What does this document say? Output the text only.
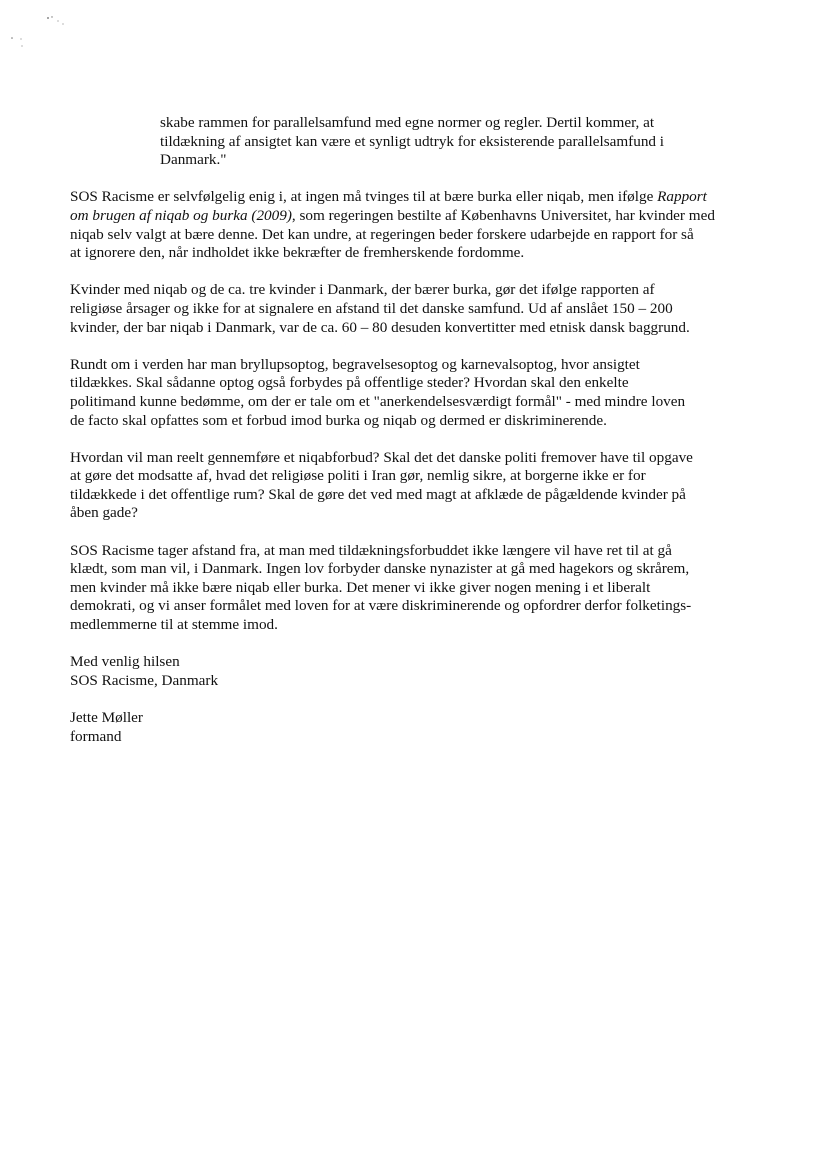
skabe rammen for parallelsamfund med egne normer og regler. Dertil kommer, at
tildækning af ansigtet kan være et synligt udtryk for eksisterende parallelsamfund i
Danmark."
SOS Racisme er selvfølgelig enig i, at ingen må tvinges til at bære burka eller niqab, men ifølge Rapport
om brugen af niqab og burka (2009), som regeringen bestilte af Københavns Universitet, har kvinder med
niqab selv valgt at bære denne. Det kan undre, at regeringen beder forskere udarbejde en rapport for så
at ignorere den, når indholdet ikke bekræfter de fremherskende fordomme.
Kvinder med niqab og de ca. tre kvinder i Danmark, der bærer burka, gør det ifølge rapporten af
religiøse årsager og ikke for at signalere en afstand til det danske samfund. Ud af anslået 150 – 200
kvinder, der bar niqab i Danmark, var de ca. 60 – 80 desuden konvertitter med etnisk dansk baggrund.
Rundt om i verden har man bryllupsoptog, begravelsesoptog og karnevalsoptog, hvor ansigtet
tildækkes. Skal sådanne optog også forbydes på offentlige steder? Hvordan skal den enkelte
politimand kunne bedømme, om der er tale om et "anerkendelsesværdigt formål" - med mindre loven
de facto skal opfattes som et forbud imod burka og niqab og dermed er diskriminerende.
Hvordan vil man reelt gennemføre et niqabforbud? Skal det det danske politi fremover have til opgave
at gøre det modsatte af, hvad det religiøse politi i Iran gør, nemlig sikre, at borgerne ikke er for
tildækkede i det offentlige rum? Skal de gøre det ved med magt at afklæde de pågældende kvinder på
åben gade?
SOS Racisme tager afstand fra, at man med tildækningsforbuddet ikke længere vil have ret til at gå
klædt, som man vil, i Danmark. Ingen lov forbyder danske nynazister at gå med hagekors og skrårem,
men kvinder må ikke bære niqab eller burka. Det mener vi ikke giver nogen mening i et liberalt
demokrati, og vi anser formålet med loven for at være diskriminerende og opfordrer derfor folketings-
medlemmerne til at stemme imod.
Med venlig hilsen
SOS Racisme, Danmark
Jette Møller
formand
